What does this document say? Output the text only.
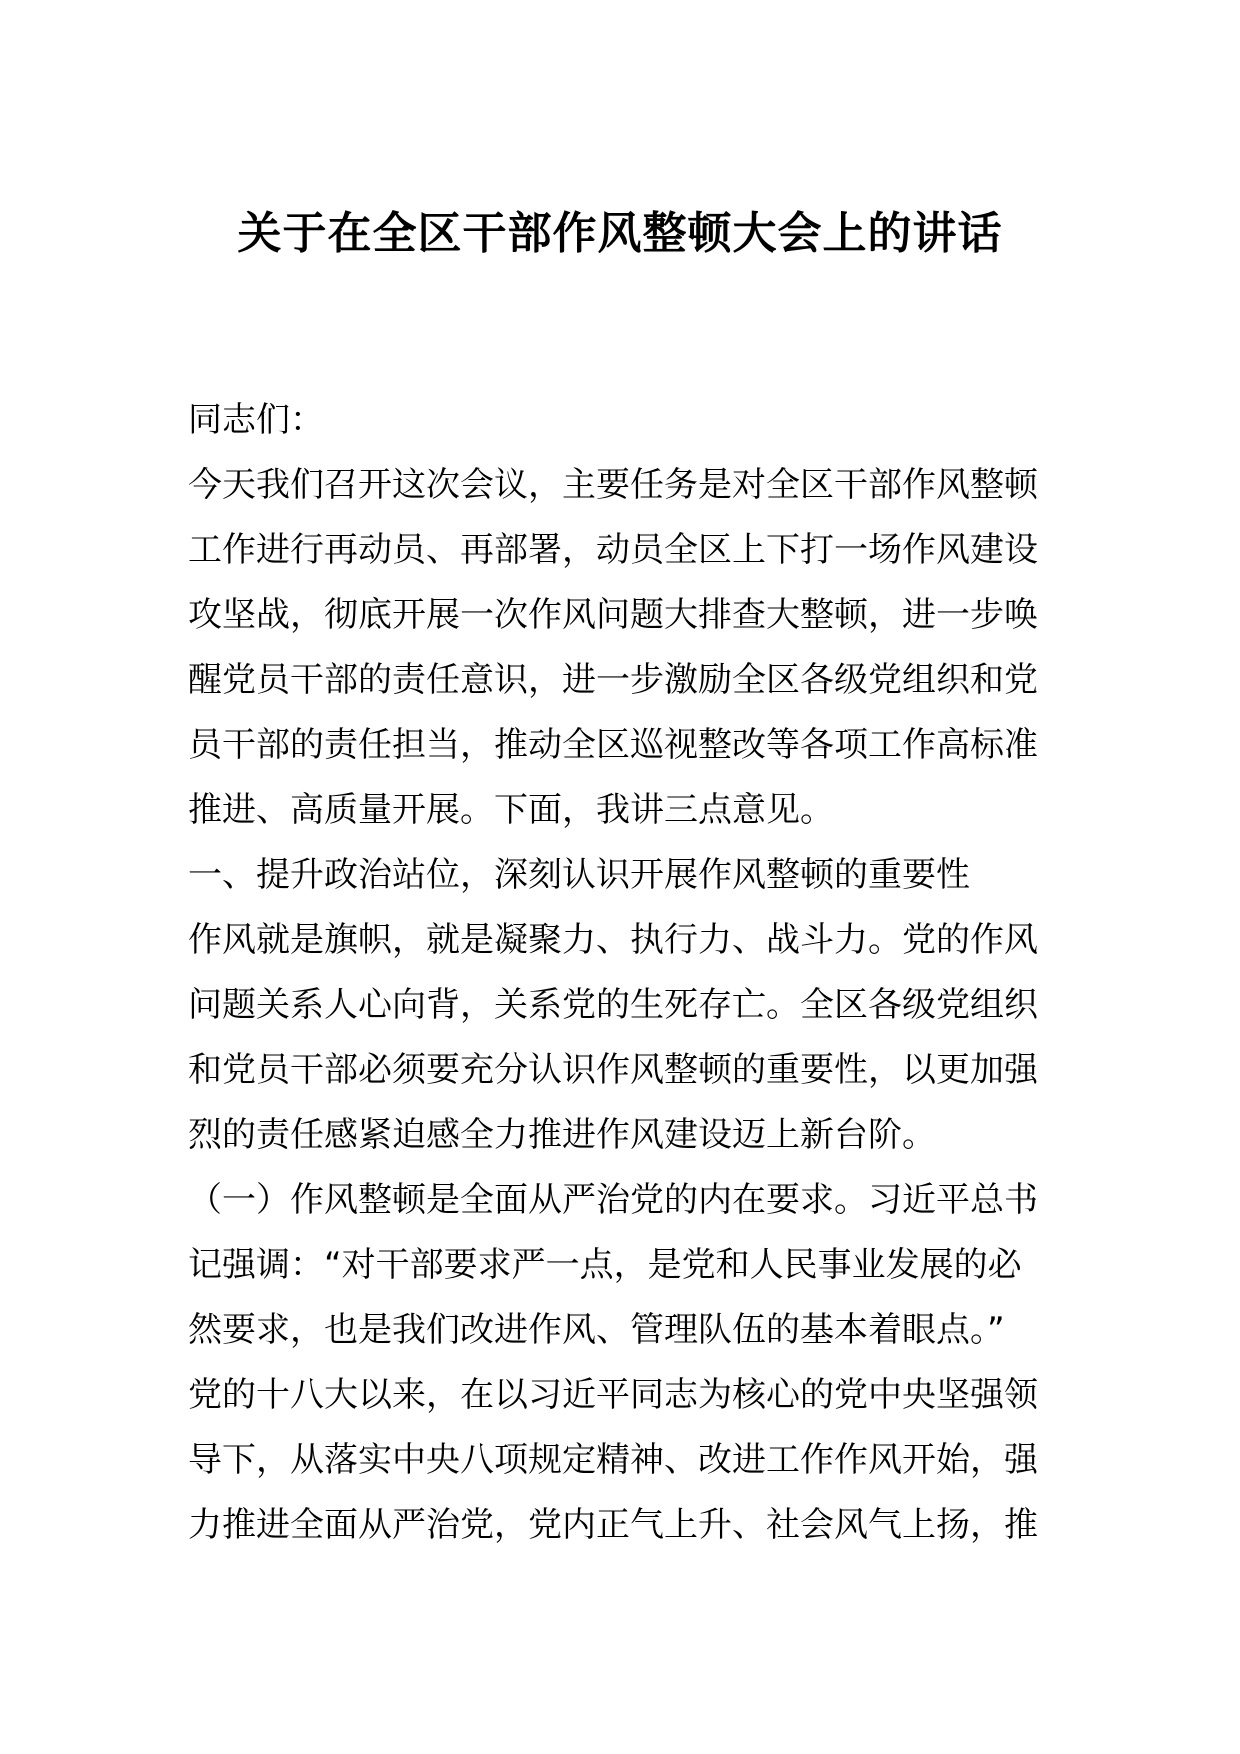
关于在全区干部作风整顿大会上的讲话
同志们：
今天我们召开这次会议，主要任务是对全区干部作风整顿
工作进行再动员、再部署，动员全区上下打一场作风建设
攻坚战，彻底开展一次作风问题大排查大整顿，进一步唤
醒党员干部的责任意识，进一步激励全区各级党组织和党
员干部的责任担当，推动全区巡视整改等各项工作高标准
推进、高质量开展。下面，我讲三点意见。
一、提升政治站位，深刻认识开展作风整顿的重要性
作风就是旗帜，就是凝聚力、执行力、战斗力。党的作风
问题关系人心向背，关系党的生死存亡。全区各级党组织
和党员干部必须要充分认识作风整顿的重要性，以更加强
烈的责任感紧迫感全力推进作风建设迈上新台阶。
（一）作风整顿是全面从严治党的内在要求。习近平总书
记强调：“对干部要求严一点，是党和人民事业发展的必
然要求，也是我们改进作风、管理队伍的基本着眼点。”
党的十八大以来，在以习近平同志为核心的党中央坚强领
导下，从落实中央八项规定精神、改进工作作风开始，强
力推进全面从严治党，党内正气上升、社会风气上扬，推
